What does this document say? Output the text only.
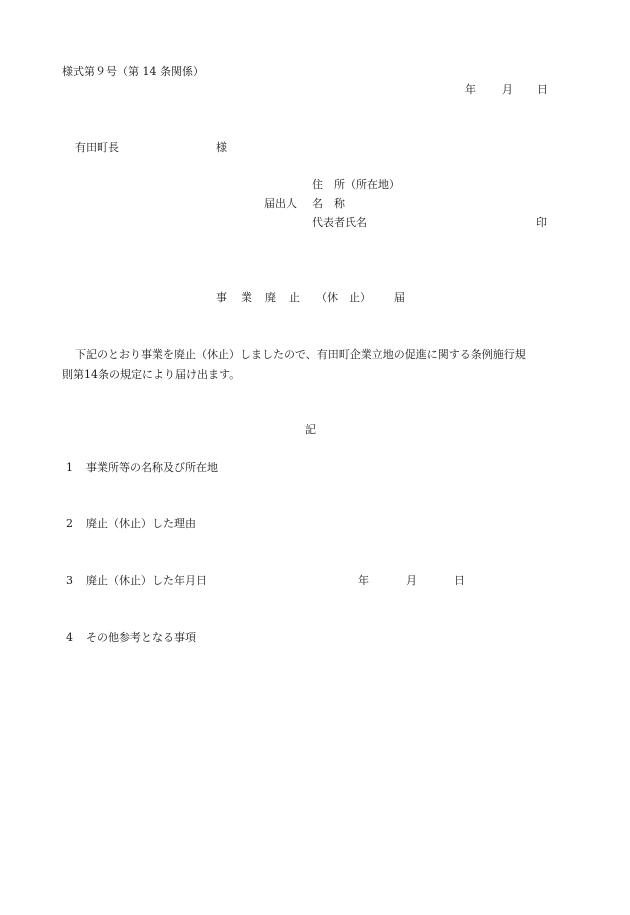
様式第９号（第 14 条関係）
年 月 日
有田町長	様
住　所（所在地）
届出人 名　称
代表者氏名	印
事 業 廃 止 （休　止） 届
下記のとおり事業を廃止（休止）しましたので、有田町企業立地の促進に関する条例施行規
則第14条の規定により届け出ます。
記
1 事業所等の名称及び所在地
2 廃止（休止）した理由
3 廃止（休止）した年月日	年	月	日
4 その他参考となる事項
